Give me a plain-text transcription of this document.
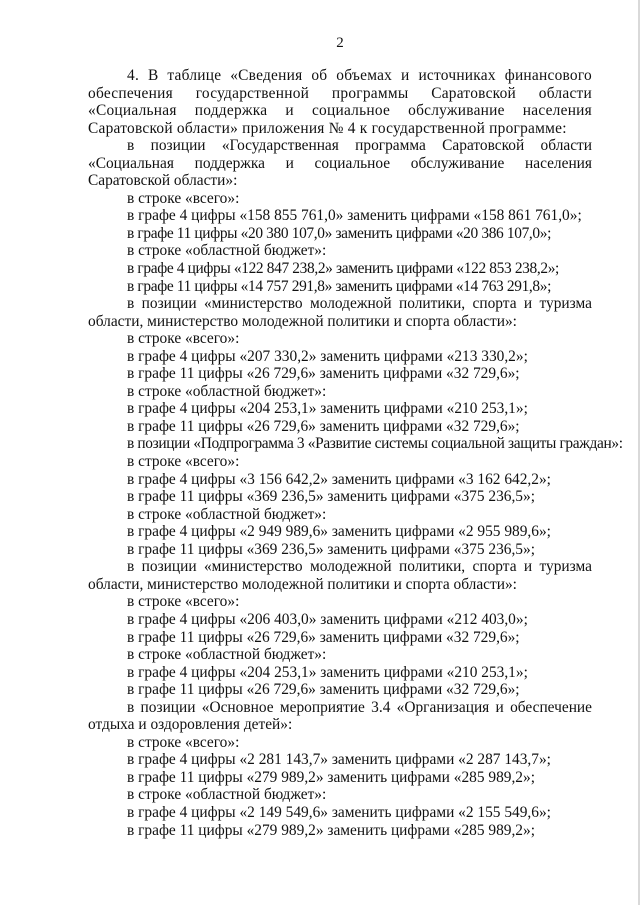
2

4. В таблице «Сведения об объемах и источниках финансового обеспечения государственной программы Саратовской области «Социальная поддержка и социальное обслуживание населения Саратовской области» приложения № 4 к государственной программе:

в позиции «Государственная программа Саратовской области «Социальная поддержка и социальное обслуживание населения Саратовской области»:

в строке «всего»:

в графе 4 цифры «158 855 761,0» заменить цифрами «158 861 761,0»;

в графе 11 цифры «20 380 107,0» заменить цифрами «20 386 107,0»;

в строке «областной бюджет»:

в графе 4 цифры «122 847 238,2» заменить цифрами «122 853 238,2»;

в графе 11 цифры «14 757 291,8» заменить цифрами «14 763 291,8»;

в позиции «министерство молодежной политики, спорта и туризма области, министерство молодежной политики и спорта области»:

в строке «всего»:

в графе 4 цифры «207 330,2» заменить цифрами «213 330,2»;

в графе 11 цифры «26 729,6» заменить цифрами «32 729,6»;

в строке «областной бюджет»:

в графе 4 цифры «204 253,1» заменить цифрами «210 253,1»;

в графе 11 цифры «26 729,6» заменить цифрами «32 729,6»;

в позиции «Подпрограмма 3 «Развитие системы социальной защиты граждан»:

в строке «всего»:

в графе 4 цифры «3 156 642,2» заменить цифрами «3 162 642,2»;

в графе 11 цифры «369 236,5» заменить цифрами «375 236,5»;

в строке «областной бюджет»:

в графе 4 цифры «2 949 989,6» заменить цифрами «2 955 989,6»;

в графе 11 цифры «369 236,5» заменить цифрами «375 236,5»;

в позиции «министерство молодежной политики, спорта и туризма области, министерство молодежной политики и спорта области»:

в строке «всего»:

в графе 4 цифры «206 403,0» заменить цифрами «212 403,0»;

в графе 11 цифры «26 729,6» заменить цифрами «32 729,6»;

в строке «областной бюджет»:

в графе 4 цифры «204 253,1» заменить цифрами «210 253,1»;

в графе 11 цифры «26 729,6» заменить цифрами «32 729,6»;

в позиции «Основное мероприятие 3.4 «Организация и обеспечение отдыха и оздоровления детей»:

в строке «всего»:

в графе 4 цифры «2 281 143,7» заменить цифрами «2 287 143,7»;

в графе 11 цифры «279 989,2» заменить цифрами «285 989,2»;

в строке «областной бюджет»:

в графе 4 цифры «2 149 549,6» заменить цифрами «2 155 549,6»;

в графе 11 цифры «279 989,2» заменить цифрами «285 989,2»;
